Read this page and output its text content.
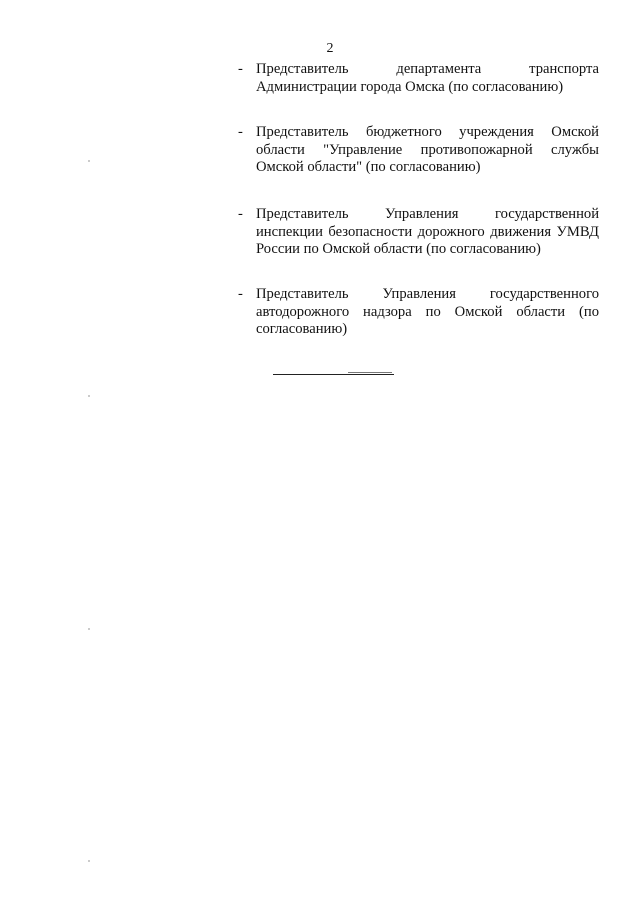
2
- Представитель департамента транспорта Администрации города Омска (по согласованию)
- Представитель бюджетного учреждения Омской области "Управление противопожарной службы Омской области" (по согласованию)
- Представитель Управления государственной инспекции безопасности дорожного движения УМВД России по Омской области (по согласованию)
- Представитель Управления государственного автодорожного надзора по Омской области (по согласованию)
